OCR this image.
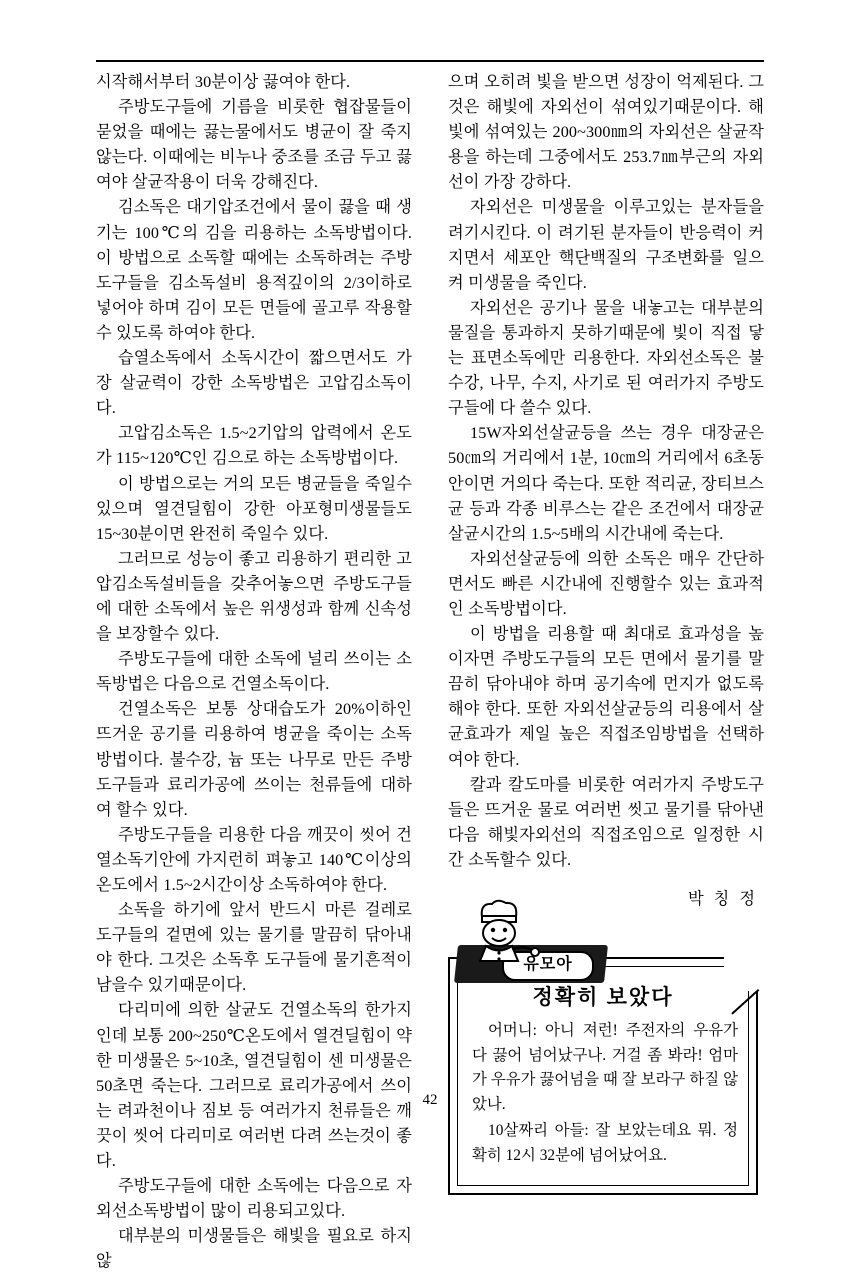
시작해서부터 30분이상 끓여야 한다.

주방도구들에 기름을 비롯한 협잡물들이 묻었을 때에는 끓는물에서도 병균이 잘 죽지 않는다. 이때에는 비누나 중조를 조금 두고 끓여야 살균작용이 더욱 강해진다.

김소독은 대기압조건에서 물이 끓을 때 생기는 100℃의 김을 리용하는 소독방법이다. 이 방법으로 소독할 때에는 소독하려는 주방도구들을 김소독설비 용적깊이의 2/3이하로 넣어야 하며 김이 모든 면들에 골고루 작용할수 있도록 하여야 한다.

습열소독에서 소독시간이 짧으면서도 가장 살균력이 강한 소독방법은 고압김소독이다.

고압김소독은 1.5~2기압의 압력에서 온도가 115~120℃인 김으로 하는 소독방법이다.

이 방법으로는 거의 모든 병균들을 죽일수 있으며 열견딜힘이 강한 아포형미생물들도 15~30분이면 완전히 죽일수 있다.

그러므로 성능이 좋고 리용하기 편리한 고압김소독설비들을 갖추어놓으면 주방도구들에 대한 소독에서 높은 위생성과 함께 신속성을 보장할수 있다.

주방도구들에 대한 소독에 널리 쓰이는 소독방법은 다음으로 건열소독이다.

건열소독은 보통 상대습도가 20%이하인 뜨거운 공기를 리용하여 병균을 죽이는 소독방법이다. 불수강, 늄 또는 나무로 만든 주방도구들과 료리가공에 쓰이는 천류들에 대하여 할수 있다.

주방도구들을 리용한 다음 깨끗이 씻어 건열소독기안에 가지런히 펴놓고 140℃이상의 온도에서 1.5~2시간이상 소독하여야 한다.

소독을 하기에 앞서 반드시 마른 걸레로 도구들의 겉면에 있는 물기를 말끔히 닦아내야 한다. 그것은 소독후 도구들에 물기흔적이 남을수 있기때문이다.

다리미에 의한 살균도 건열소독의 한가지인데 보통 200~250℃온도에서 열견딜힘이 약한 미생물은 5~10초, 열견딜힘이 센 미생물은 50초면 죽는다. 그러므로 료리가공에서 쓰이는 려과천이나 짐보 등 여러가지 천류들은 깨끗이 씻어 다리미로 여러번 다려 쓰는것이 좋다.

주방도구들에 대한 소독에는 다음으로 자외선소독방법이 많이 리용되고있다.

대부분의 미생물들은 해빛을 필요로 하지 않

으며 오히려 빛을 받으면 성장이 억제된다. 그것은 해빛에 자외선이 섞여있기때문이다. 해빛에 섞여있는 200~300㎚의 자외선은 살균작용을 하는데 그중에서도 253.7㎚부근의 자외선이 가장 강하다.

자외선은 미생물을 이루고있는 분자들을 려기시킨다. 이 려기된 분자들이 반응력이 커지면서 세포안 핵단백질의 구조변화를 일으켜 미생물을 죽인다.

자외선은 공기나 물을 내놓고는 대부분의 물질을 통과하지 못하기때문에 빛이 직접 닿는 표면소독에만 리용한다. 자외선소독은 불수강, 나무, 수지, 사기로 된 여러가지 주방도구들에 다 쓸수 있다.

15W자외선살균등을 쓰는 경우 대장균은 50㎝의 거리에서 1분, 10㎝의 거리에서 6초동안이면 거의다 죽는다. 또한 적리균, 장티브스균 등과 각종 비루스는 같은 조건에서 대장균살균시간의 1.5~5배의 시간내에 죽는다.

자외선살균등에 의한 소독은 매우 간단하면서도 빠른 시간내에 진행할수 있는 효과적인 소독방법이다.

이 방법을 리용할 때 최대로 효과성을 높이자면 주방도구들의 모든 면에서 물기를 말끔히 닦아내야 하며 공기속에 먼지가 없도록 해야 한다. 또한 자외선살균등의 리용에서 살균효과가 제일 높은 직접조임방법을 선택하여야 한다.

칼과 칼도마를 비롯한 여러가지 주방도구들은 뜨거운 물로 여러번 씻고 물기를 닦아낸 다음 해빛자외선의 직접조임으로 일정한 시간 소독할수 있다.

박 칭 정
유모아
정확히 보았다

어머니: 아니 져런! 주전자의 우유가 다 끓어 넘어났구나. 거걸 좀 봐라! 엄마가 우유가 끓어넘을 때 잘 보라구 하질 않았나.

10살짜리 아들: 잘 보았는데요 뭐. 정확히 12시 32분에 넘어났어요.

42
